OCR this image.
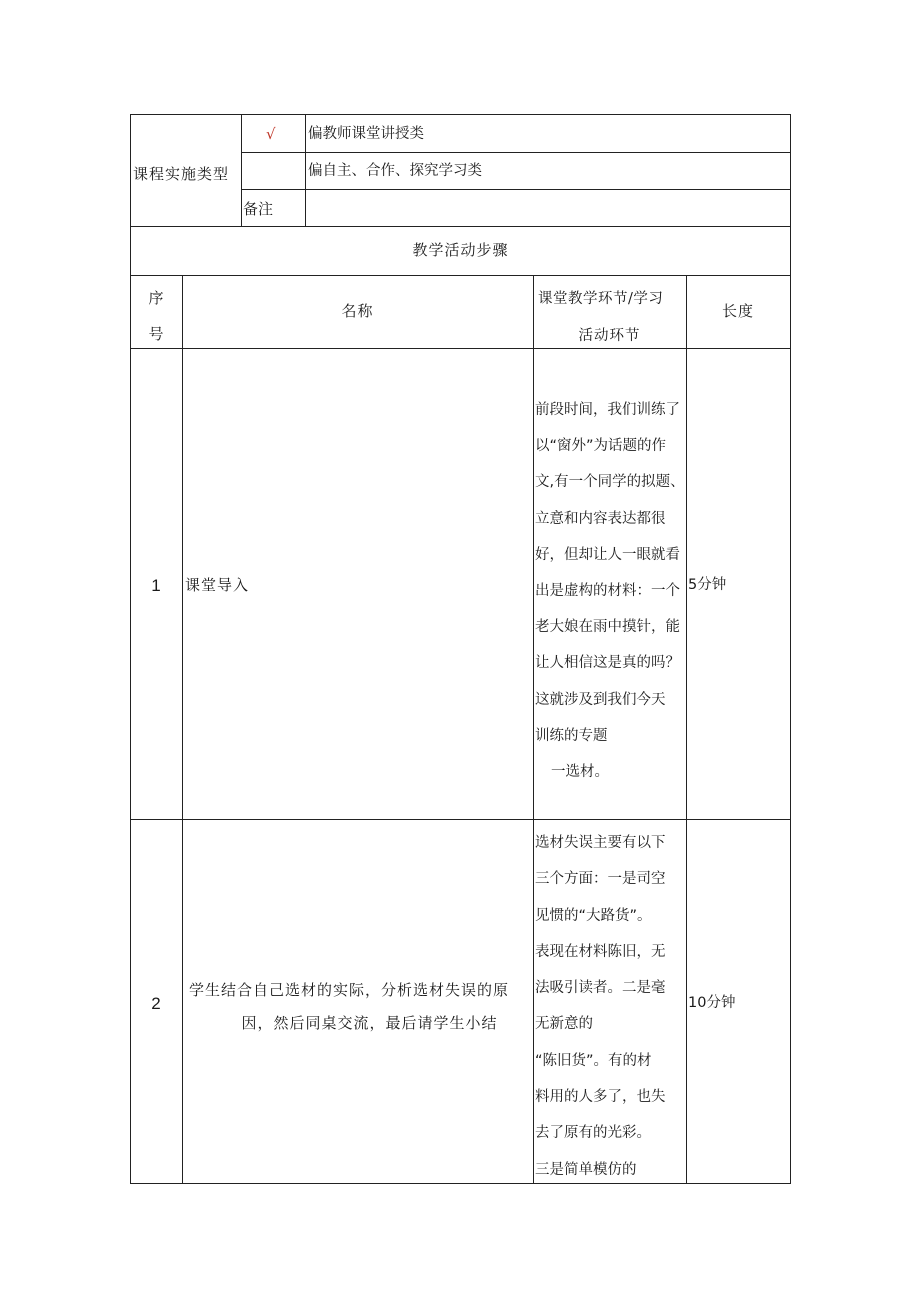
课程实施类型
√ 偏教师课堂讲授类
偏自主、合作、探究学习类
备注
教学活动步骤
序
号
名称
课堂教学环节/学习
活动环节
长度
1	课堂导入
前段时间，我们训练了
以“窗外”为话题的作
文,有一个同学的拟题、
立意和内容表达都很
好，但却让人一眼就看
出是虚构的材料：一个
老大娘在雨中摸针，能
让人相信这是真的吗？
这就涉及到我们今天
训练的专题
一选材。
5分钟
2
学生结合自己选材的实际，分析选材失误的原
因，然后同桌交流，最后请学生小结
选材失误主要有以下
三个方面：一是司空
见惯的“大路货”。
表现在材料陈旧，无
法吸引读者。二是毫
无新意的
“陈旧货”。有的材
料用的人多了，也失
去了原有的光彩。
三是简单模仿的
10分钟
